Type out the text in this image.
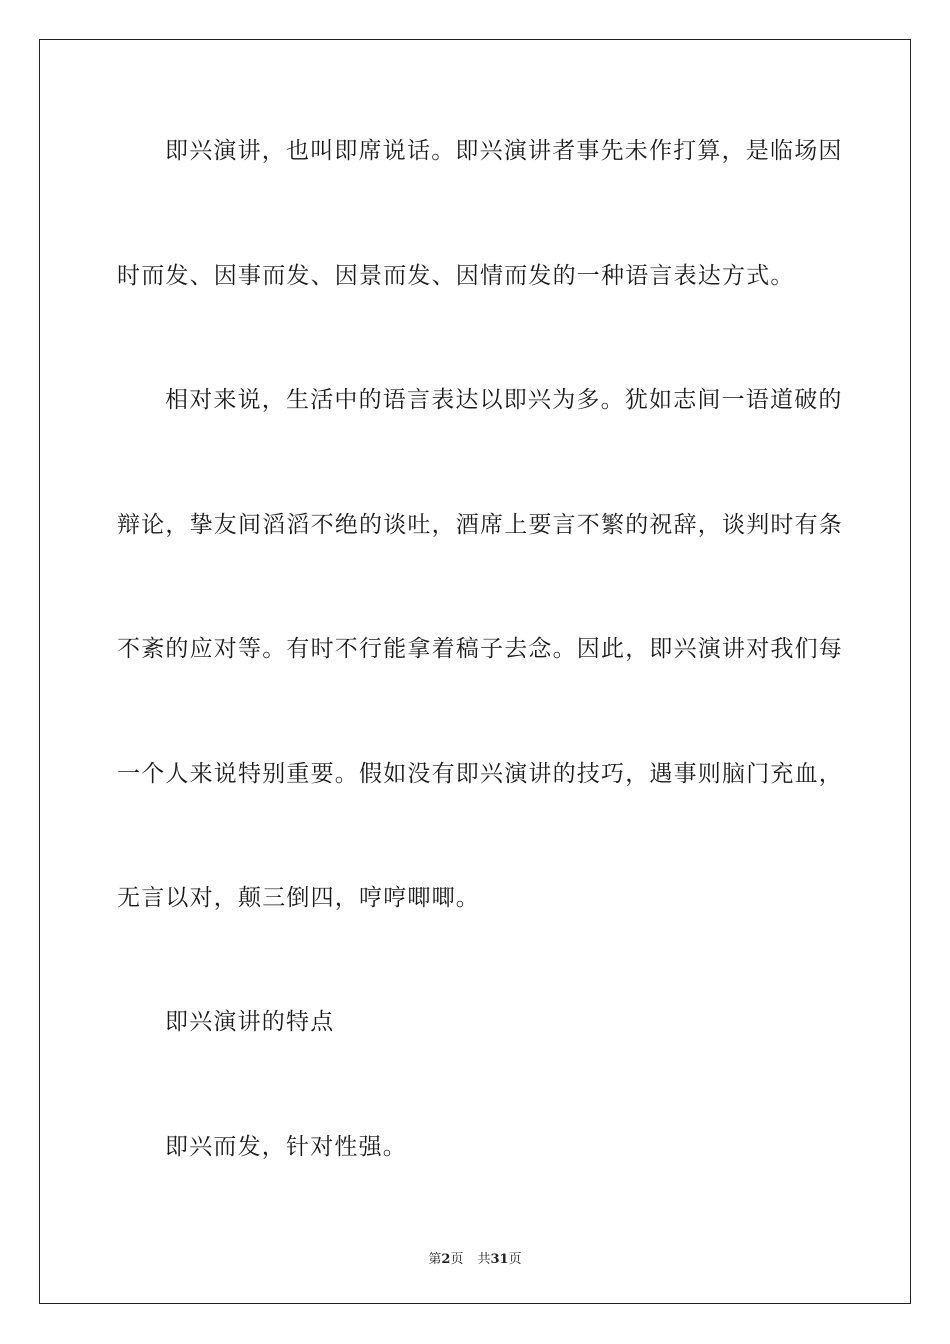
即兴演讲，也叫即席说话。即兴演讲者事先未作打算，是临场因
时而发、因事而发、因景而发、因情而发的一种语言表达方式。
相对来说，生活中的语言表达以即兴为多。犹如志间一语道破的
辩论，挚友间滔滔不绝的谈吐，酒席上要言不繁的祝辞，谈判时有条
不紊的应对等。有时不行能拿着稿子去念。因此，即兴演讲对我们每
一个人来说特别重要。假如没有即兴演讲的技巧，遇事则脑门充血，
无言以对，颠三倒四，哼哼唧唧。
即兴演讲的特点
即兴而发，针对性强。
第2页 共31页
